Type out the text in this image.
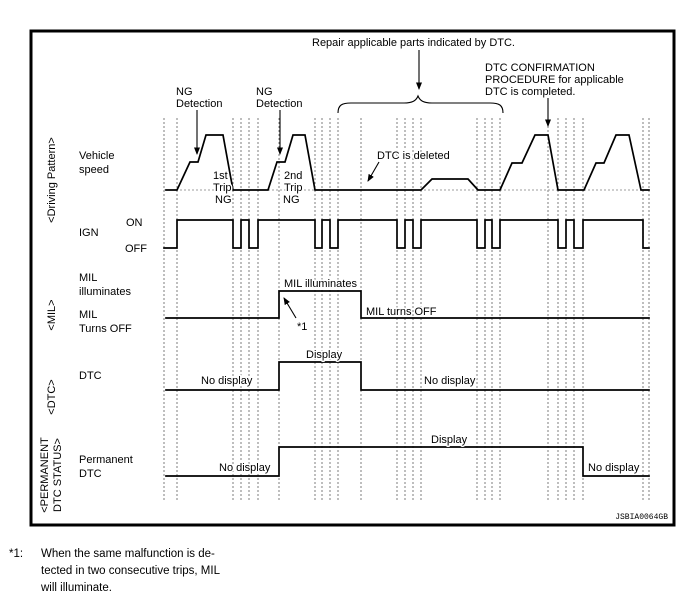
Repair applicable parts indicated by DTC.
DTC CONFIRMATION
PROCEDURE for applicable
DTC is completed.
NG
Detection
NG
Detection
<Driving Pattern>
<MIL>
<DTC>
<PERMANENT DTC STATUS>
Vehicle
speed
IGN
ON
OFF
MIL
illuminates
MIL
Turns OFF
DTC
Permanent
DTC
1st
Trip
NG
2nd
Trip
NG
DTC is deleted
MIL illuminates
*1
MIL turns OFF
No display
Display
No display
No display
Display
No display
JSBIA0064GB
*1: When the same malfunction is de-
tected in two consecutive trips, MIL
will illuminate.
